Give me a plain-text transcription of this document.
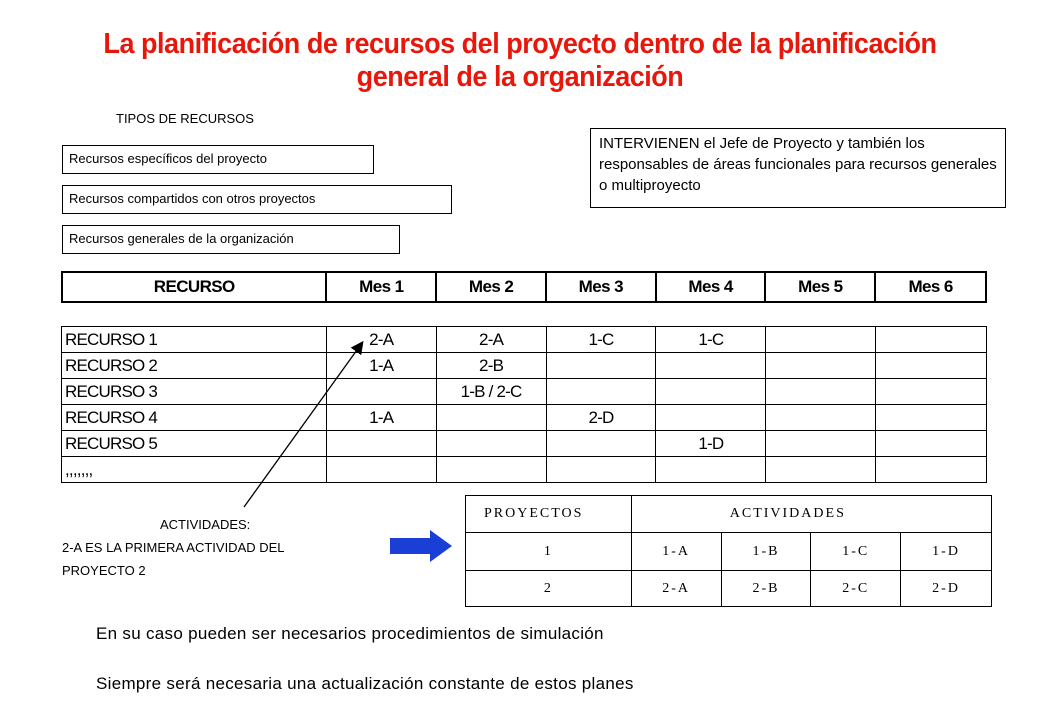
La planificación de recursos del proyecto dentro de la planificación
general de la organización
TIPOS DE RECURSOS
Recursos específicos del proyecto
Recursos compartidos con otros proyectos
Recursos generales de la organización
INTERVIENEN el Jefe de Proyecto y también los responsables de áreas funcionales para recursos generales o multiproyecto
RECURSO	Mes 1	Mes 2	Mes 3	Mes 4	Mes 5	Mes 6
RECURSO 1	2-A	2-A	1-C	1-C		
RECURSO 2	1-A	2-B				
RECURSO 3		1-B / 2-C				
RECURSO 4	1-A		2-D			
RECURSO 5				1-D		
,,,,,,,						
ACTIVIDADES:
2-A ES LA PRIMERA ACTIVIDAD DEL
PROYECTO 2
PROYECTOS	ACTIVIDADES			
1	1-A	1-B	1-C	1-D
2	2-A	2-B	2-C	2-D
En su caso pueden ser necesarios procedimientos de simulación
Siempre será necesaria una actualización constante de estos planes
